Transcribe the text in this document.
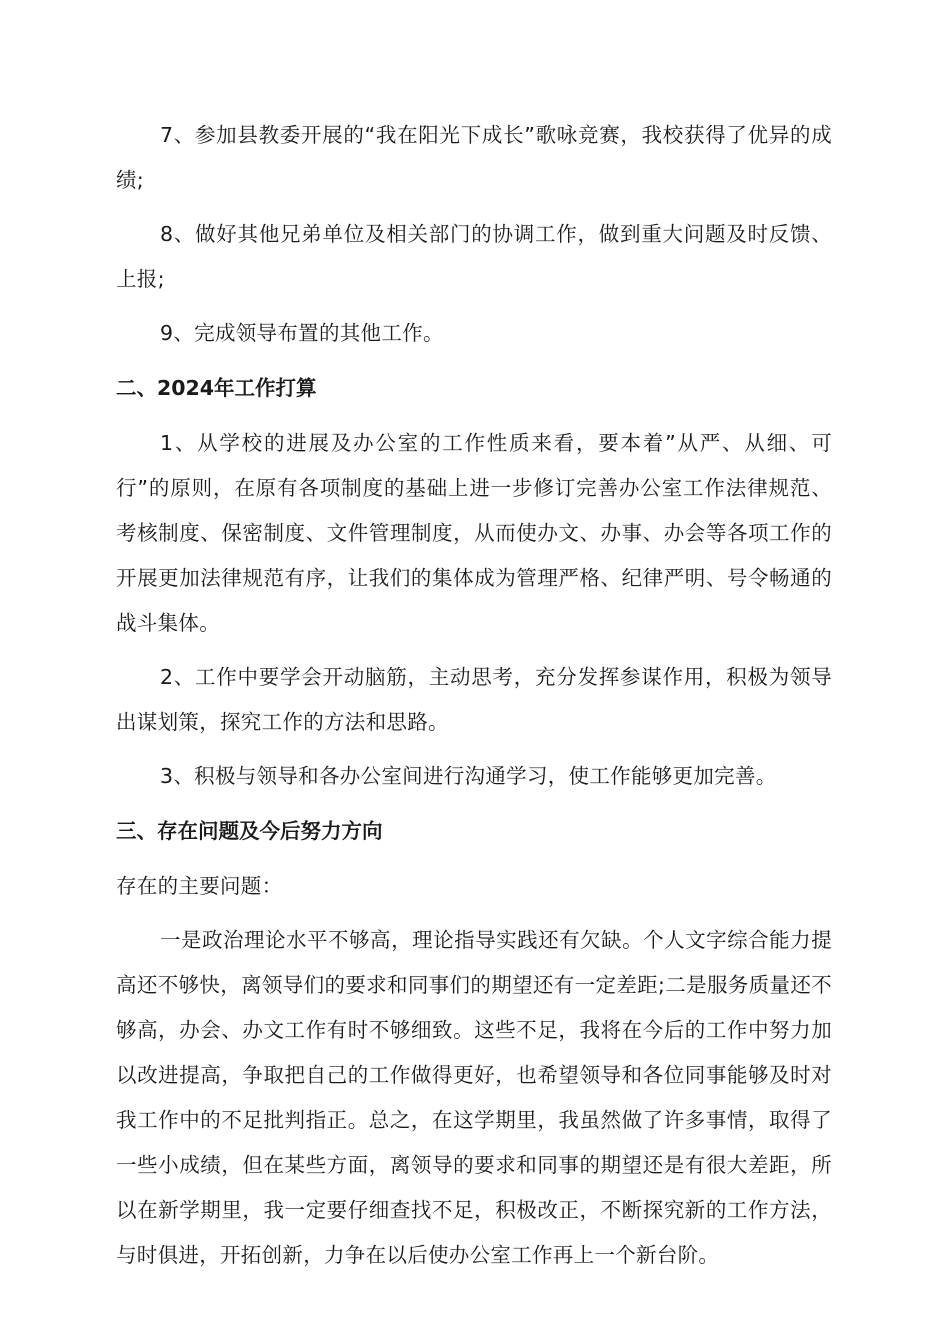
7、参加县教委开展的“我在阳光下成长”歌咏竞赛，我校获得了优异的成绩;

8、做好其他兄弟单位及相关部门的协调工作，做到重大问题及时反馈、上报;

9、完成领导布置的其他工作。

二、2024年工作打算

1、从学校的进展及办公室的工作性质来看，要本着”从严、从细、可行”的原则，在原有各项制度的基础上进一步修订完善办公室工作法律规范、考核制度、保密制度、文件管理制度，从而使办文、办事、办会等各项工作的开展更加法律规范有序，让我们的集体成为管理严格、纪律严明、号令畅通的战斗集体。

2、工作中要学会开动脑筋，主动思考，充分发挥参谋作用，积极为领导出谋划策，探究工作的方法和思路。

3、积极与领导和各办公室间进行沟通学习，使工作能够更加完善。

三、存在问题及今后努力方向

存在的主要问题：

一是政治理论水平不够高，理论指导实践还有欠缺。个人文字综合能力提高还不够快，离领导们的要求和同事们的期望还有一定差距;二是服务质量还不够高，办会、办文工作有时不够细致。这些不足，我将在今后的工作中努力加以改进提高，争取把自己的工作做得更好，也希望领导和各位同事能够及时对我工作中的不足批判指正。总之，在这学期里，我虽然做了许多事情，取得了一些小成绩，但在某些方面，离领导的要求和同事的期望还是有很大差距，所以在新学期里，我一定要仔细查找不足，积极改正，不断探究新的工作方法，与时俱进，开拓创新，力争在以后使办公室工作再上一个新台阶。
